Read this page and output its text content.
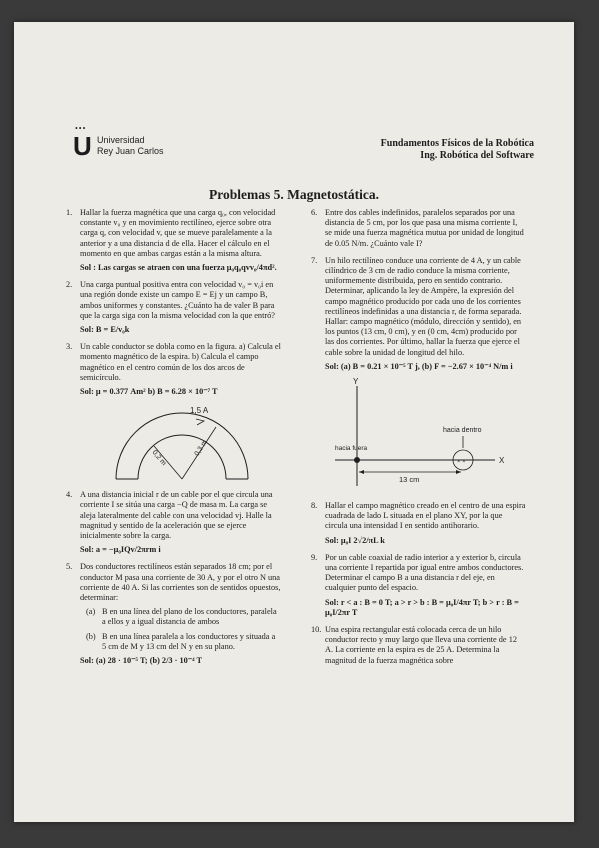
•••
U Universidad
Rey Juan Carlos
Fundamentos Físicos de la Robótica
Ing. Robótica del Software
Problemas 5. Magnetostática.
1. Hallar la fuerza magnética que una carga q₀, con velocidad constante v₀ y en movimiento rectilíneo, ejerce sobre otra carga q, con velocidad v, que se mueve paralelamente a la anterior y a una distancia d de ella. Hacer el cálculo en el momento en que ambas cargas están a la misma altura.
Sol : Las cargas se atraen con una fuerza μ₀q₀qvv₀/4πd².
2. Una carga puntual positiva entra con velocidad v₀ = v₀i en una región donde existe un campo E = Ej y un campo B, ambos uniformes y constantes. ¿Cuánto ha de valer B para que la carga siga con la misma velocidad con la que entró?
Sol: B = E/v₀k
3. Un cable conductor se dobla como en la figura. a) Calcula el momento magnético de la espira. b) Calcula el campo magnético en el centro común de los dos arcos de semicírculo.
Sol: μ = 0.377 Am² b) B = 6.28 × 10⁻⁷ T
1,5 A
0,2 m
0,3 m
4. A una distancia inicial r de un cable por el que circula una corriente I se sitúa una carga −Q de masa m. La carga se aleja lateralmente del cable con una velocidad vj. Halle la magnitud y sentido de la aceleración que se ejerce inicialmente sobre la carga.
Sol: a = −μ₀IQv/2πrm i
5. Dos conductores rectilíneos están separados 18 cm; por el conductor M pasa una corriente de 30 A, y por el otro N una corriente de 40 A. Si las corrientes son de sentidos opuestos, determinar:
(a) B en una línea del plano de los conductores, paralela a ellos y a igual distancia de ambos
(b) B en una línea paralela a los conductores y situada a 5 cm de M y 13 cm del N y en su plano.
Sol: (a) 28 · 10⁻⁵ T; (b) 2/3 · 10⁻⁴ T
6. Entre dos cables indefinidos, paralelos separados por una distancia de 5 cm, por los que pasa una misma corriente I, se mide una fuerza magnética mutua por unidad de longitud de 0.05 N/m. ¿Cuánto vale I?
7. Un hilo rectilíneo conduce una corriente de 4 A, y un cable cilíndrico de 3 cm de radio conduce la misma corriente, uniformemente distribuida, pero en sentido contrario. Determinar, aplicando la ley de Ampère, la expresión del campo magnético producido por cada uno de los corrientes rectilíneos indefinidas a una distancia r, de forma separada. Hallar: campo magnético (módulo, dirección y sentido), en los puntos (13 cm, 0 cm), y en (0 cm, 4cm) producido por las dos corrientes. Por último, hallar la fuerza que ejerce el cable sobre la unidad de longitud del hilo.
Sol: (a) B = 0.21 × 10⁻⁵ T j, (b) F = −2.67 × 10⁻⁴ N/m i
Y
X
hacia fuera
× ×
hacia dentro
13 cm
8. Hallar el campo magnético creado en el centro de una espira cuadrada de lado L situada en el plano XY, por la que circula una intensidad I en sentido antihorario.
Sol: μ₀I 2√2/πL k
9. Por un cable coaxial de radio interior a y exterior b, circula una corriente I repartida por igual entre ambos conductores. Determinar el campo B a una distancia r del eje, en cualquier punto del espacio.
Sol: r < a : B = 0 T; a > r > b : B = μ₀I/4πr T; b > r : B = μ₀I/2πr T
10. Una espira rectangular está colocada cerca de un hilo conductor recto y muy largo que lleva una corriente de 12 A. La corriente en la espira es de 25 A. Determina la magnitud de la fuerza magnética sobre
